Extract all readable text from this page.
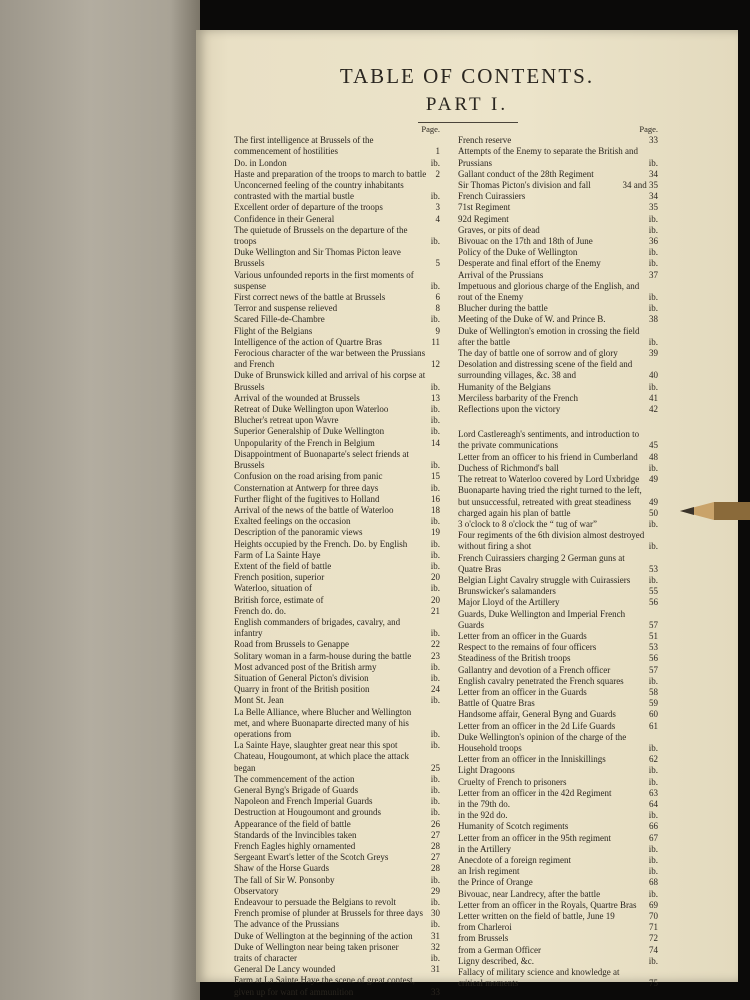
TABLE OF CONTENTS.
PART I.
Page.
The first intelligence at Brussels of the commencement of hostilities	1
Do. in London	ib.
Haste and preparation of the troops to march to battle	2
Unconcerned feeling of the country inhabitants contrasted with the martial bustle	ib.
Excellent order of departure of the troops	3
Confidence in their General	4
The quietude of Brussels on the departure of the troops	ib.
Duke Wellington and Sir Thomas Picton leave Brussels	5
Various unfounded reports in the first moments of suspense	ib.
First correct news of the battle at Brussels	6
Terror and suspense relieved	8
Scared Fille-de-Chambre	ib.
Flight of the Belgians	9
Intelligence of the action of Quartre Bras	11
Ferocious character of the war between the Prussians and French	12
Duke of Brunswick killed and arrival of his corpse at Brussels	ib.
Arrival of the wounded at Brussels	13
Retreat of Duke Wellington upon Waterloo	ib.
Blucher's retreat upon Wavre	ib.
Superior Generalship of Duke Wellington	ib.
Unpopularity of the French in Belgium	14
Disappointment of Buonaparte's select friends at Brussels	ib.
Confusion on the road arising from panic	15
Consternation at Antwerp for three days	ib.
Further flight of the fugitives to Holland	16
Arrival of the news of the battle of Waterloo	18
Exalted feelings on the occasion	ib.
Description of the panoramic views	19
Heights occupied by the French. Do. by English	ib.
Farm of La Sainte Haye	ib.
Extent of the field of battle	ib.
French position, superior	20
Waterloo, situation of	ib.
British force, estimate of	20
French do. do.	21
English commanders of brigades, cavalry, and infantry	ib.
Road from Brussels to Genappe	22
Solitary woman in a farm-house during the battle	23
Most advanced post of the British army	ib.
Situation of General Picton's division	ib.
Quarry in front of the British position	24
Mont St. Jean	ib.
La Belle Alliance, where Blucher and Wellington met, and where Buonaparte directed many of his operations from	ib.
La Sainte Haye, slaughter great near this spot	ib.
Chateau, Hougoumont, at which place the attack began	25
The commencement of the action	ib.
General Byng's Brigade of Guards	ib.
Napoleon and French Imperial Guards	ib.
Destruction at Hougoumont and grounds	ib.
Appearance of the field of battle	26
Standards of the Invincibles taken	27
French Eagles highly ornamented	28
Sergeant Ewart's letter of the Scotch Greys	27
Shaw of the Horse Guards	28
The fall of Sir W. Ponsonby	ib.
Observatory	29
Endeavour to persuade the Belgians to revolt	ib.
French promise of plunder at Brussels for three days 30
The advance of the Prussians	ib.
Duke of Wellington at the beginning of the action	31
Duke of Wellington near being taken prisoner	32
traits of character	ib.
General De Lancy wounded	31
Farm at La Sainte Haye the scene of great contest, given up for want of ammunition	33
Page.
French reserve	33
Attempts of the Enemy to separate the British and Prussians	ib.
Gallant conduct of the 28th Regiment	34
Sir Thomas Picton's division and fall	34 and 35
French Cuirassiers	34
71st Regiment	35
92d Regiment	ib.
Graves, or pits of dead	ib.
Bivouac on the 17th and 18th of June	36
Policy of the Duke of Wellington	ib.
Desperate and final effort of the Enemy	ib.
Arrival of the Prussians	37
Impetuous and glorious charge of the English, and rout of the Enemy	ib.
Blucher during the battle	ib.
Meeting of the Duke of W. and Prince B.	38
Duke of Wellington's emotion in crossing the field after the battle	ib.
The day of battle one of sorrow and of glory	39
Desolation and distressing scene of the field and surrounding villages, &c. 38 and	40
Humanity of the Belgians	ib.
Merciless barbarity of the French	41
Reflections upon the victory	42
Lord Castlereagh's sentiments, and introduction to the private communications	45
Letter from an officer to his friend in Cumberland	48
Duchess of Richmond's ball	ib.
The retreat to Waterloo covered by Lord Uxbridge	49
Buonaparte having tried the right turned to the left, but unsuccessful, retreated with great steadiness	49
charged again his plan of battle	50
3 o'clock to 8 o'clock the “ tug of war”	ib.
Four regiments of the 6th division almost destroyed without firing a shot	ib.
French Cuirassiers charging 2 German guns at Quatre Bras	53
Belgian Light Cavalry struggle with Cuirassiers	ib.
Brunswicker's salamanders	55
Major Lloyd of the Artillery	56
Guards, Duke Wellington and Imperial French Guards	57
Letter from an officer in the Guards	51
Respect to the remains of four officers	53
Steadiness of the British troops	56
Gallantry and devotion of a French officer	57
English cavalry penetrated the French squares	ib.
Letter from an officer in the Guards	58
Battle of Quatre Bras	59
Handsome affair, General Byng and Guards	60
Letter from an officer in the 2d Life Guards	61
Duke Wellington's opinion of the charge of the Household troops	ib.
Letter from an officer in the Inniskillings	62
Light Dragoons	ib.
Cruelty of French to prisoners	ib.
Letter from an officer in the 42d Regiment	63
in the 79th do.	64
in the 92d do.	ib.
Humanity of Scotch regiments	66
Letter from an officer in the 95th regiment	67
in the Artillery	ib.
Anecdote of a foreign regiment	ib.
an Irish regiment	ib.
the Prince of Orange	68
Bivouac, near Landrecy, after the battle	ib.
Letter from an officer in the Royals, Quartre Bras	69
Letter written on the field of battle, June 19	70
from Charleroi	71
from Brussels	72
from a German Officer	74
Ligny described, &c.	ib.
Fallacy of military science and knowledge at critical moments	75
